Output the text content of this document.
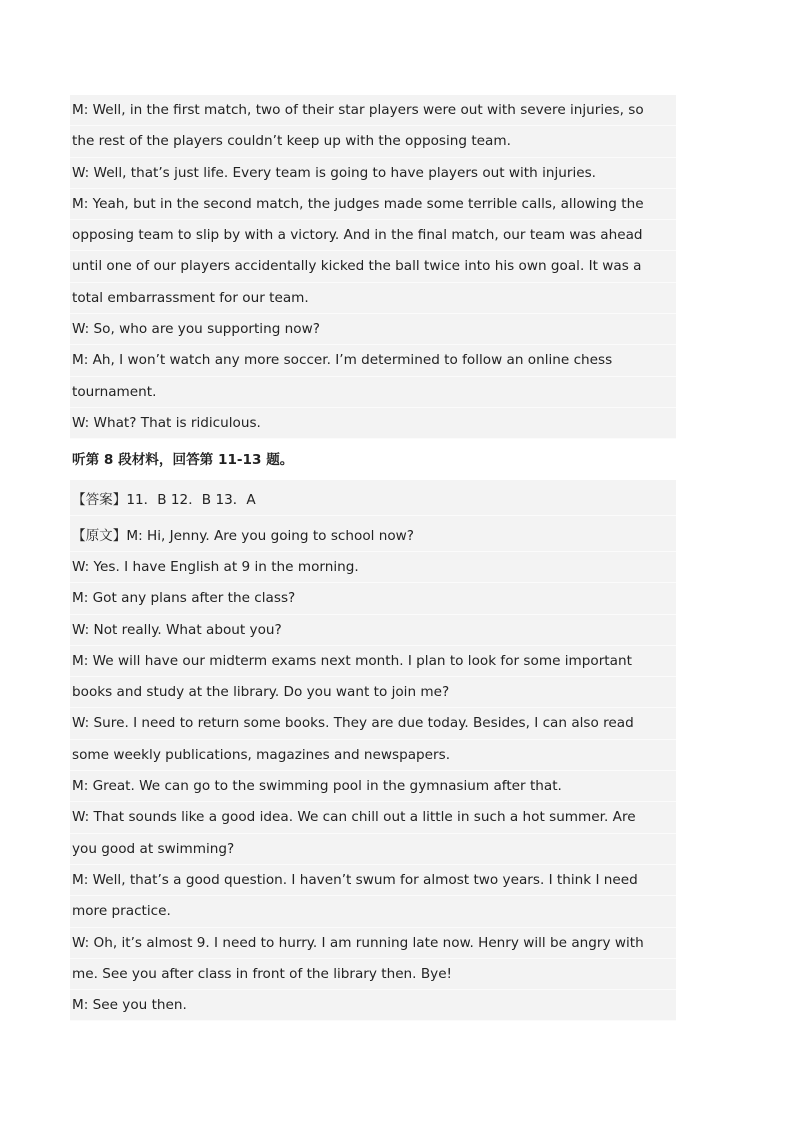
M: Well, in the first match, two of their star players were out with severe injuries, so
the rest of the players couldn’t keep up with the opposing team.
W: Well, that’s just life. Every team is going to have players out with injuries.
M: Yeah, but in the second match, the judges made some terrible calls, allowing the
opposing team to slip by with a victory. And in the final match, our team was ahead
until one of our players accidentally kicked the ball twice into his own goal. It was a
total embarrassment for our team.
W: So, who are you supporting now?
M: Ah, I won’t watch any more soccer. I’m determined to follow an online chess
tournament.
W: What? That is ridiculous.
听第 8 段材料，回答第 11-13 题。
【答案】11．B 12．B 13．A
【原文】M: Hi, Jenny. Are you going to school now?
W: Yes. I have English at 9 in the morning.
M: Got any plans after the class?
W: Not really. What about you?
M: We will have our midterm exams next month. I plan to look for some important
books and study at the library. Do you want to join me?
W: Sure. I need to return some books. They are due today. Besides, I can also read
some weekly publications, magazines and newspapers.
M: Great. We can go to the swimming pool in the gymnasium after that.
W: That sounds like a good idea. We can chill out a little in such a hot summer. Are
you good at swimming?
M: Well, that’s a good question. I haven’t swum for almost two years. I think I need
more practice.
W: Oh, it’s almost 9. I need to hurry. I am running late now. Henry will be angry with
me. See you after class in front of the library then. Bye!
M: See you then.
